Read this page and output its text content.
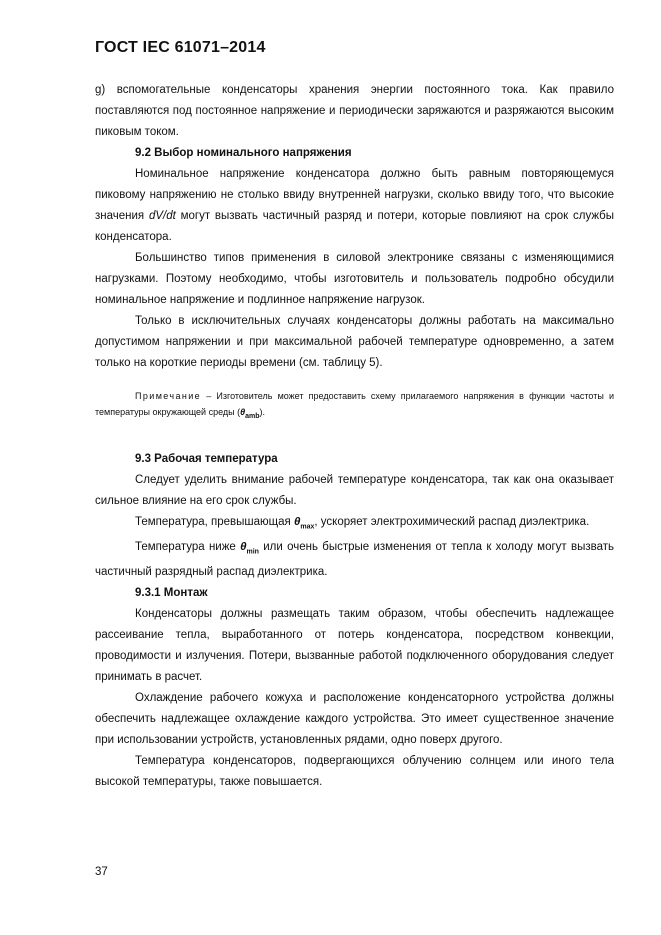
ГОСТ IEC 61071–2014

g) вспомогательные конденсаторы хранения энергии постоянного тока. Как правило поставляются под постоянное напряжение и периодически заряжаются и разряжаются высоким пиковым током.

9.2 Выбор номинального напряжения

Номинальное напряжение конденсатора должно быть равным повторяющемуся пиковому напряжению не столько ввиду внутренней нагрузки, сколько ввиду того, что высокие значения dV/dt могут вызвать частичный разряд и потери, которые повлияют на срок службы конденсатора.

Большинство типов применения в силовой электронике связаны с изменяющимися нагрузками. Поэтому необходимо, чтобы изготовитель и пользователь подробно обсудили номинальное напряжение и подлинное напряжение нагрузок.

Только в исключительных случаях конденсаторы должны работать на максимально допустимом напряжении и при максимальной рабочей температуре одновременно, а затем только на короткие периоды времени (см. таблицу 5).

Примечание – Изготовитель может предоставить схему прилагаемого напряжения в функции частоты и температуры окружающей среды $(\theta_{amb})$.
9.3 Рабочая температура

Следует уделить внимание рабочей температуре конденсатора, так как она оказывает сильное влияние на его срок службы.

Температура, превышающая $\theta_{max}$, ускоряет электрохимический распад диэлектрика.

Температура ниже $\theta_{min}$ или очень быстрые изменения от тепла к холоду могут вызвать частичный разрядный распад диэлектрика.

9.3.1 Монтаж

Конденсаторы должны размещать таким образом, чтобы обеспечить надлежащее рассеивание тепла, выработанного от потерь конденсатора, посредством конвекции, проводимости и излучения. Потери, вызванные работой подключенного оборудования следует принимать в расчет.

Охлаждение рабочего кожуха и расположение конденсаторного устройства должны обеспечить надлежащее охлаждение каждого устройства. Это имеет существенное значение при использовании устройств, установленных рядами, одно поверх другого.

Температура конденсаторов, подвергающихся облучению солнцем или иного тела высокой температуры, также повышается.

37
